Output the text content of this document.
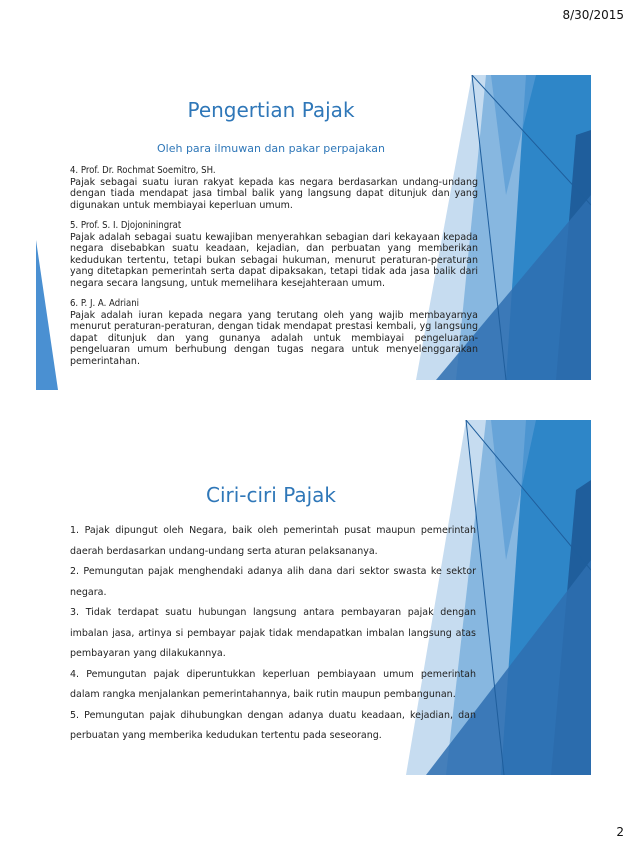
8/30/2015
Pengertian Pajak
Oleh para ilmuwan dan pakar perpajakan
4. Prof. Dr. Rochmat Soemitro, SH.
Pajak sebagai suatu iuran rakyat kepada kas negara berdasarkan undang-undang dengan tiada mendapat jasa timbal balik yang langsung dapat ditunjuk dan yang digunakan untuk membiayai keperluan umum.
5. Prof. S. I. Djojoniningrat
Pajak adalah sebagai suatu kewajiban menyerahkan sebagian dari kekayaan kepada negara disebabkan suatu keadaan, kejadian, dan perbuatan yang memberikan kedudukan tertentu, tetapi bukan sebagai hukuman, menurut peraturan-peraturan yang ditetapkan pemerintah serta dapat dipaksakan, tetapi tidak ada jasa balik dari negara secara langsung, untuk memelihara kesejahteraan umum.
6. P. J. A. Adriani
Pajak adalah iuran kepada negara yang terutang oleh yang wajib membayarnya menurut peraturan-peraturan, dengan tidak mendapat prestasi kembali, yg langsung dapat ditunjuk dan yang gunanya adalah untuk membiayai pengeluaran-pengeluaran umum berhubung dengan tugas negara untuk menyelenggarakan pemerintahan.
Ciri-ciri Pajak

1. Pajak dipungut oleh Negara, baik oleh pemerintah pusat maupun pemerintah daerah berdasarkan undang-undang serta aturan pelaksananya.

2. Pemungutan pajak menghendaki adanya alih dana dari sektor swasta ke sektor negara.

3. Tidak terdapat suatu hubungan langsung antara pembayaran pajak dengan imbalan jasa, artinya si pembayar pajak tidak mendapatkan imbalan langsung atas pembayaran yang dilakukannya.

4. Pemungutan pajak diperuntukkan keperluan pembiayaan umum pemerintah dalam rangka menjalankan pemerintahannya, baik rutin maupun pembangunan.

5. Pemungutan pajak dihubungkan dengan adanya duatu keadaan, kejadian, dan perbuatan yang memberika kedudukan tertentu pada seseorang.

2
